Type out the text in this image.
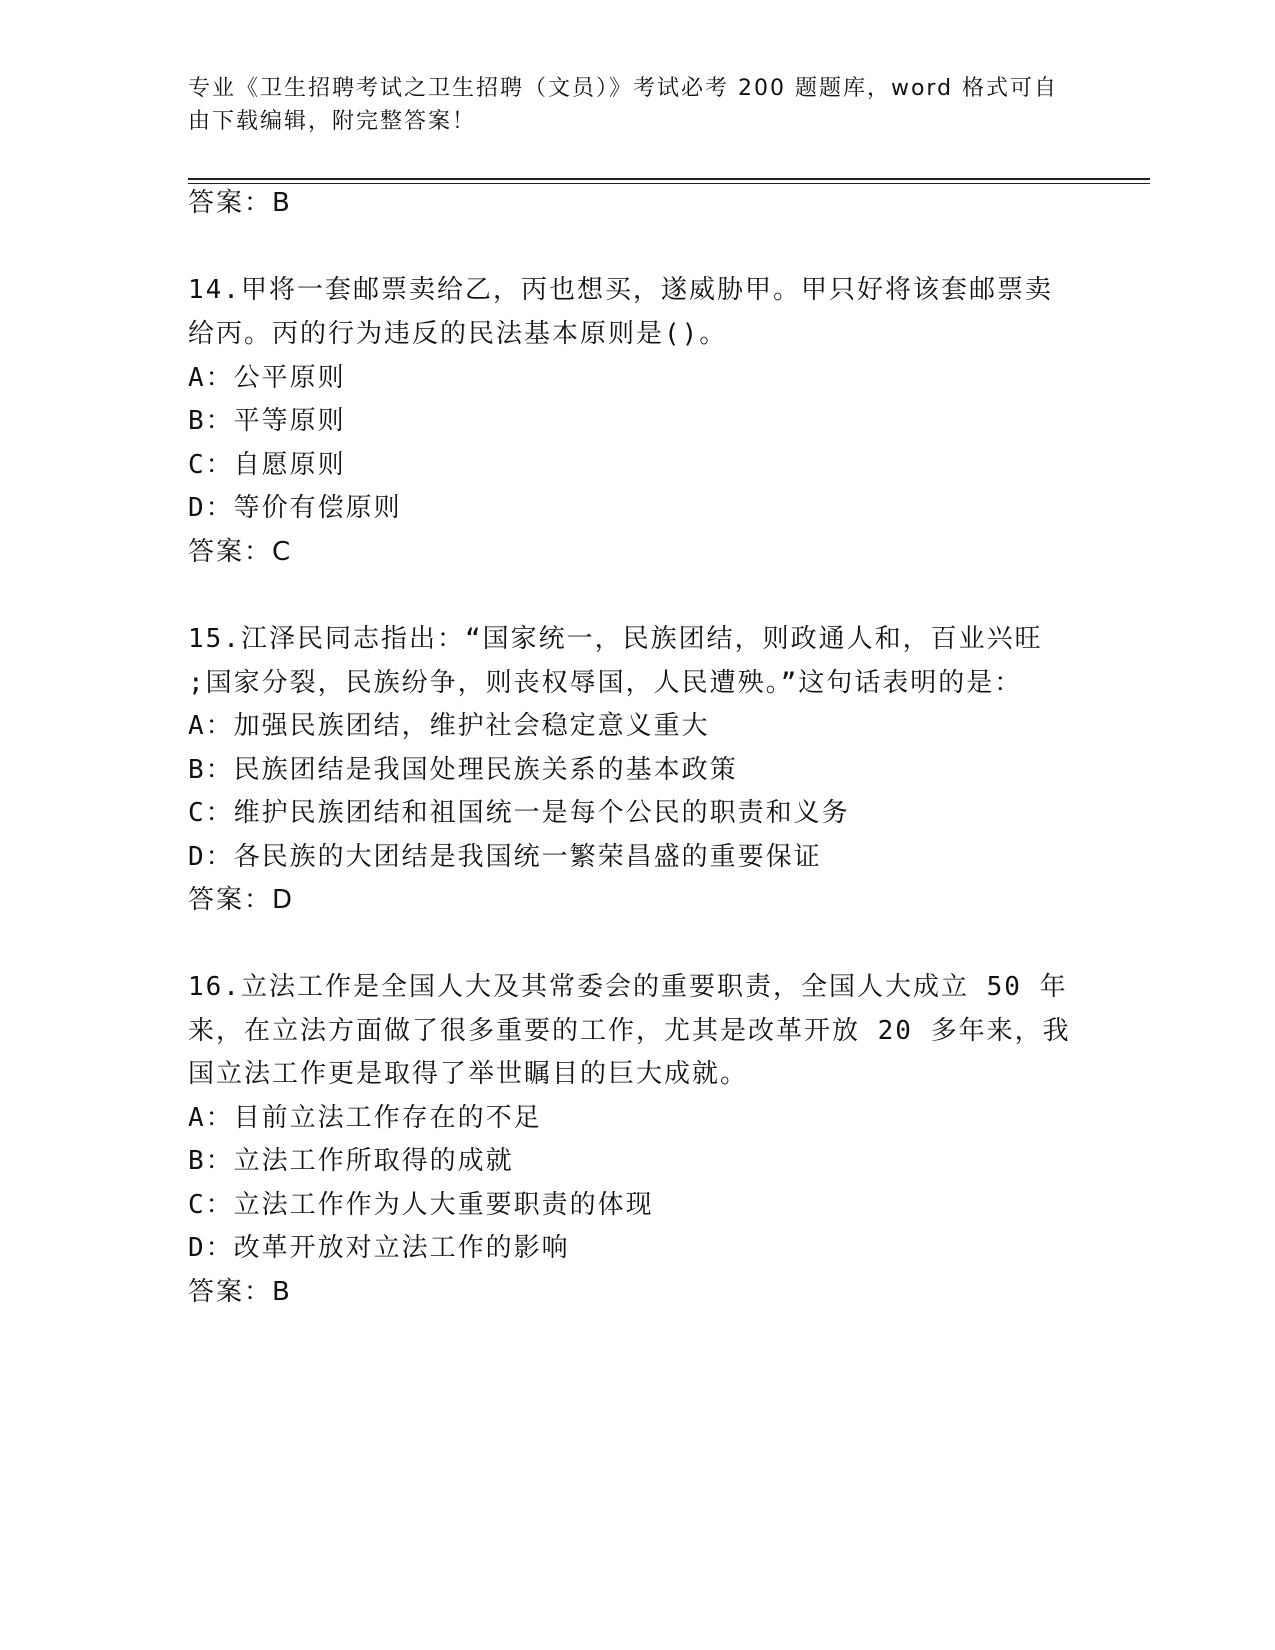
专业《卫生招聘考试之卫生招聘（文员）》考试必考 200 题题库，word 格式可自
由下载编辑，附完整答案！
答案：B
14.甲将一套邮票卖给乙，丙也想买，遂威胁甲。甲只好将该套邮票卖
给丙。丙的行为违反的民法基本原则是()。
A：公平原则
B：平等原则
C：自愿原则
D：等价有偿原则
答案：C
15.江泽民同志指出：“国家统一，民族团结，则政通人和，百业兴旺
;国家分裂，民族纷争，则丧权辱国，人民遭殃。”这句话表明的是：
A：加强民族团结，维护社会稳定意义重大
B：民族团结是我国处理民族关系的基本政策
C：维护民族团结和祖国统一是每个公民的职责和义务
D：各民族的大团结是我国统一繁荣昌盛的重要保证
答案：D
16.立法工作是全国人大及其常委会的重要职责，全国人大成立 50 年
来，在立法方面做了很多重要的工作，尤其是改革开放 20 多年来，我
国立法工作更是取得了举世瞩目的巨大成就。
A：目前立法工作存在的不足
B：立法工作所取得的成就
C：立法工作作为人大重要职责的体现
D：改革开放对立法工作的影响
答案：B
